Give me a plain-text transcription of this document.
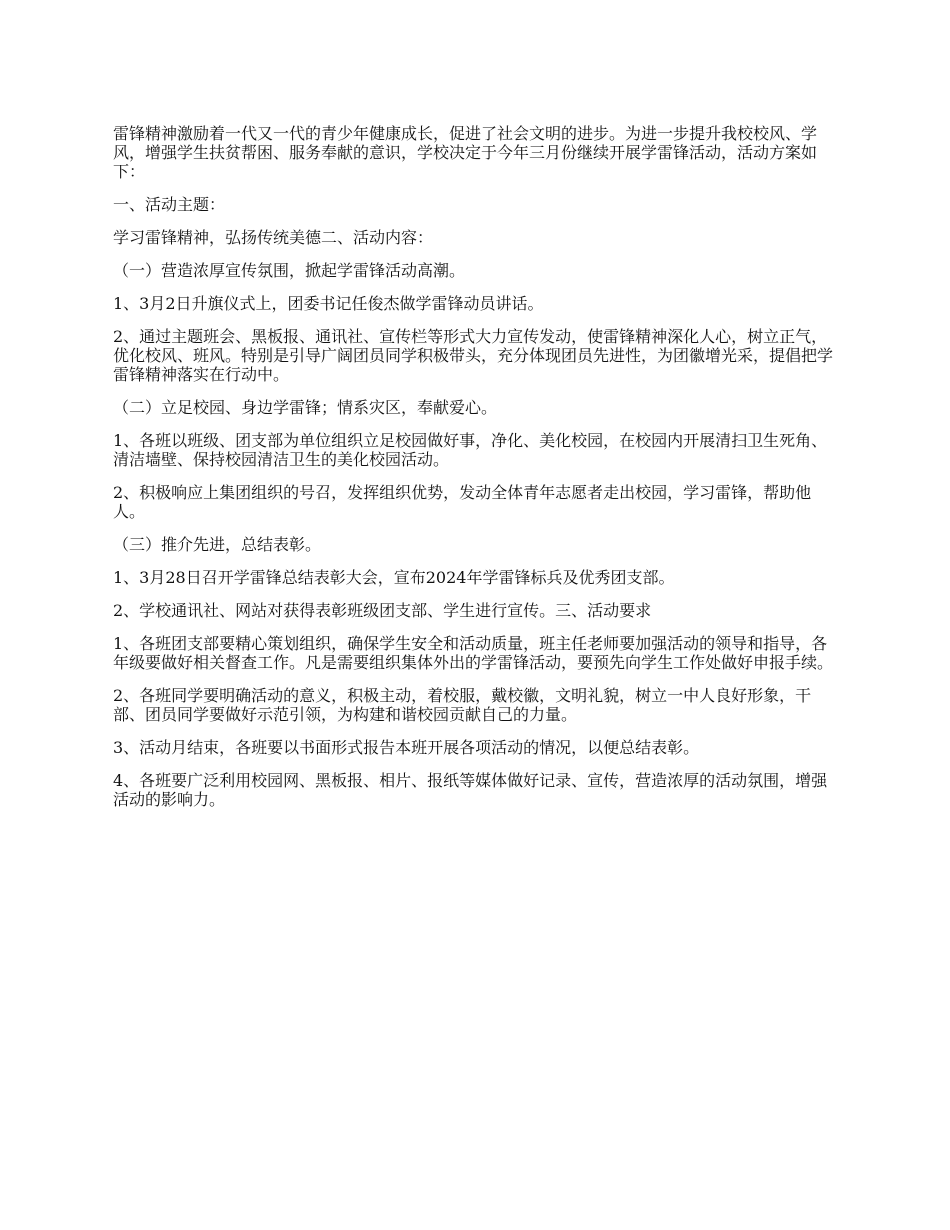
雷锋精神激励着一代又一代的青少年健康成长，促进了社会文明的进步。为进一步提升我校校风、学风，增强学生扶贫帮困、服务奉献的意识，学校决定于今年三月份继续开展学雷锋活动，活动方案如下：

一、活动主题：

学习雷锋精神，弘扬传统美德二、活动内容：

（一）营造浓厚宣传氛围，掀起学雷锋活动高潮。

1、3月2日升旗仪式上，团委书记任俊杰做学雷锋动员讲话。

2、通过主题班会、黑板报、通讯社、宣传栏等形式大力宣传发动，使雷锋精神深化人心，树立正气，优化校风、班风。特别是引导广阔团员同学积极带头，充分体现团员先进性，为团徽增光采，提倡把学雷锋精神落实在行动中。

（二）立足校园、身边学雷锋；情系灾区，奉献爱心。

1、各班以班级、团支部为单位组织立足校园做好事，净化、美化校园，在校园内开展清扫卫生死角、清洁墙壁、保持校园清洁卫生的美化校园活动。

2、积极响应上集团组织的号召，发挥组织优势，发动全体青年志愿者走出校园，学习雷锋，帮助他人。

（三）推介先进，总结表彰。

1、3月28日召开学雷锋总结表彰大会，宣布2024年学雷锋标兵及优秀团支部。

2、学校通讯社、网站对获得表彰班级团支部、学生进行宣传。三、活动要求

1、各班团支部要精心策划组织，确保学生安全和活动质量，班主任老师要加强活动的领导和指导，各年级要做好相关督查工作。凡是需要组织集体外出的学雷锋活动，要预先向学生工作处做好申报手续。

2、各班同学要明确活动的意义，积极主动，着校服，戴校徽，文明礼貌，树立一中人良好形象，干部、团员同学要做好示范引领，为构建和谐校园贡献自己的力量。

3、活动月结束，各班要以书面形式报告本班开展各项活动的情况，以便总结表彰。

4、各班要广泛利用校园网、黑板报、相片、报纸等媒体做好记录、宣传，营造浓厚的活动氛围，增强活动的影响力。
